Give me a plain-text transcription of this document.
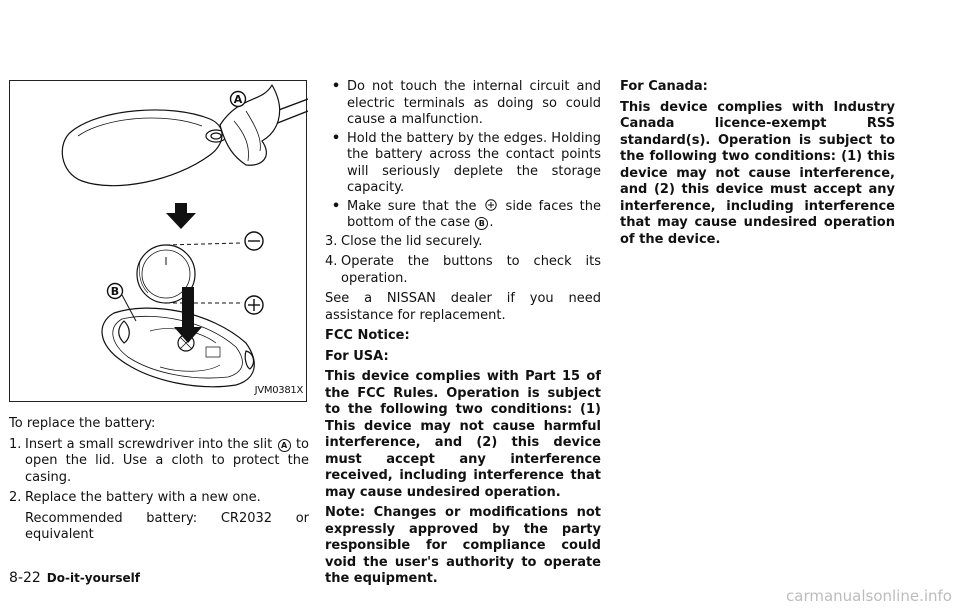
A
B
JVM0381X

To replace the battery:

1. Insert a small screwdriver into the slit A to open the lid. Use a cloth to protect the casing.
2. Replace the battery with a new one.
Recommended battery: CR2032 or equivalent
• Do not touch the internal circuit and electric terminals as doing so could cause a malfunction.
• Hold the battery by the edges. Holding the battery across the contact points will seriously deplete the storage capacity.
• Make sure that the side faces the bottom of the case B .
3. Close the lid securely.
4. Operate the buttons to check its operation.

See a NISSAN dealer if you need assistance for replacement.

FCC Notice:

For USA:

This device complies with Part 15 of the FCC Rules. Operation is subject to the following two conditions: (1) This device may not cause harmful interference, and (2) this device must accept any interference received, including interference that may cause undesired operation.

Note: Changes or modifications not expressly approved by the party responsible for compliance could void the user's authority to operate the equipment.

For Canada:

This device complies with Industry Canada licence-exempt RSS standard(s). Operation is subject to the following two conditions: (1) this device may not cause interference, and (2) this device must accept any interference, including interference that may cause undesired operation of the device.

8-22 Do-it-yourself
carmanualsonline.info
